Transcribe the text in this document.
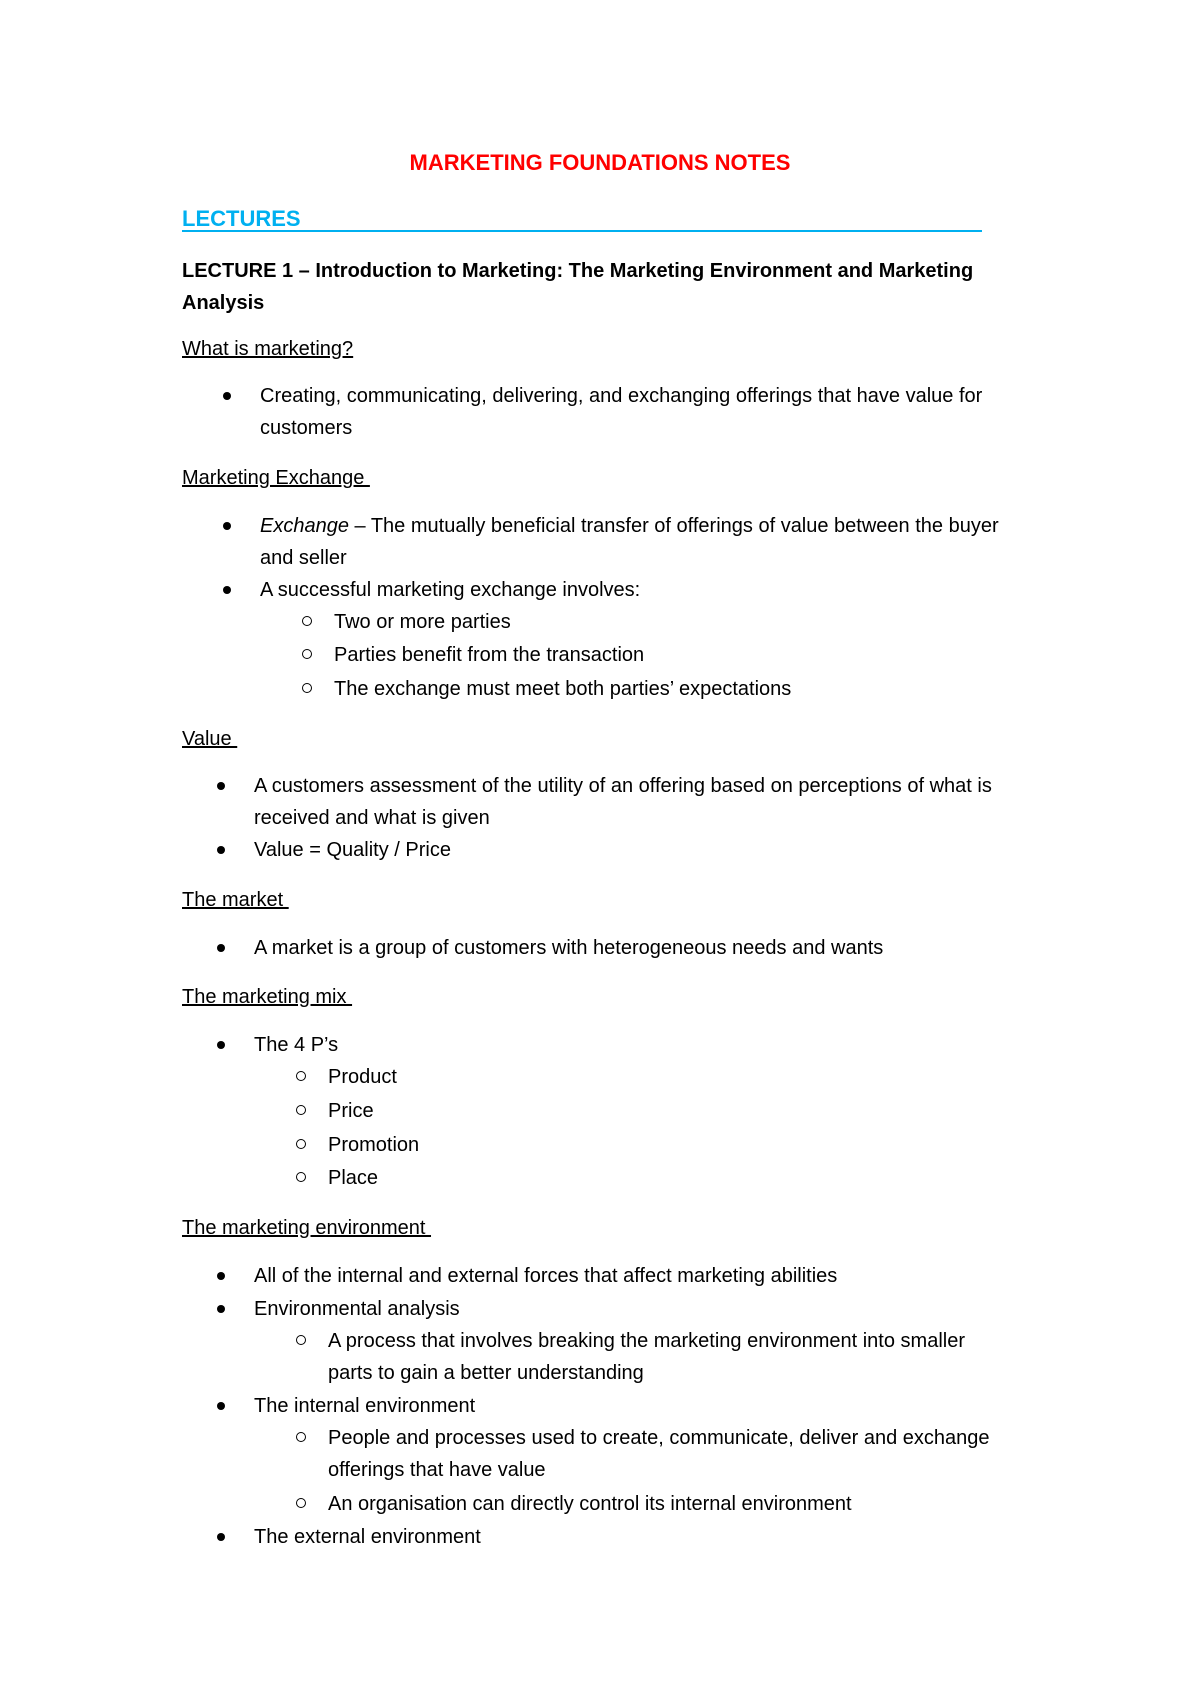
MARKETING FOUNDATIONS NOTES
LECTURES

LECTURE 1 – Introduction to Marketing: The Marketing Environment and Marketing Analysis

What is marketing?

Creating, communicating, delivering, and exchanging offerings that have value for customers

Marketing Exchange

Exchange – The mutually beneficial transfer of offerings of value between the buyer and seller
A successful marketing exchange involves:
Two or more parties
Parties benefit from the transaction
The exchange must meet both parties’ expectations

Value

A customers assessment of the utility of an offering based on perceptions of what is received and what is given
Value = Quality / Price

The market

A market is a group of customers with heterogeneous needs and wants

The marketing mix

The 4 P’s
Product
Price
Promotion
Place

The marketing environment

All of the internal and external forces that affect marketing abilities
Environmental analysis
A process that involves breaking the marketing environment into smaller parts to gain a better understanding
The internal environment
People and processes used to create, communicate, deliver and exchange offerings that have value
An organisation can directly control its internal environment
The external environment
